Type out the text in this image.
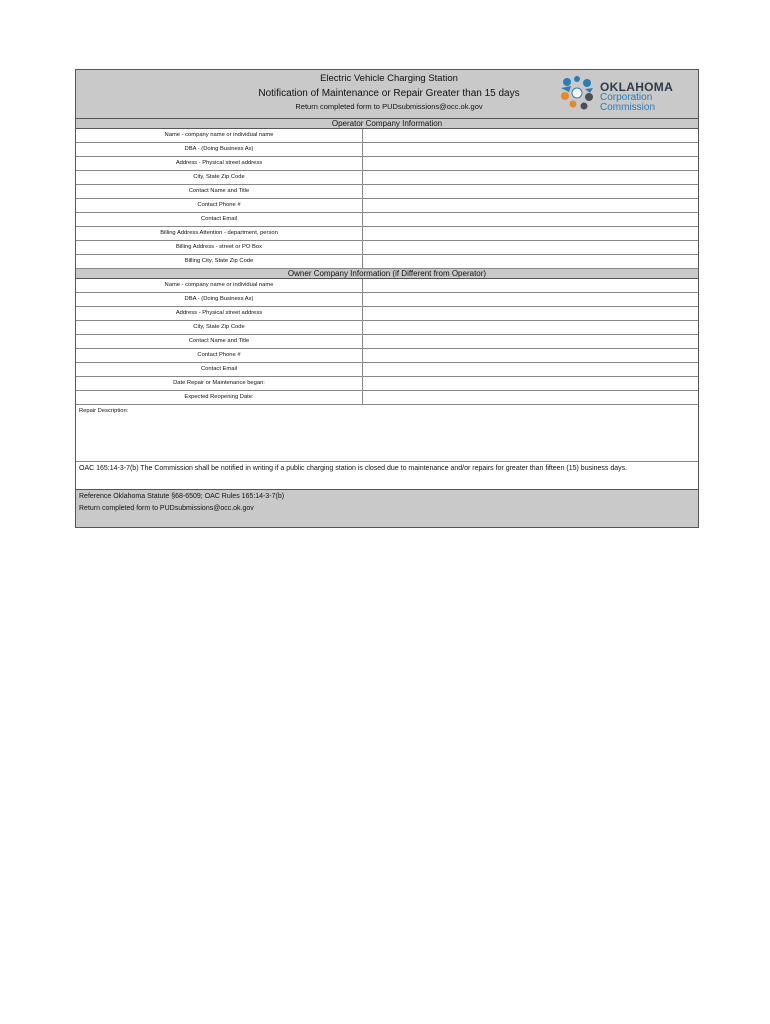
Electric Vehicle Charging Station
Notification of Maintenance or Repair Greater than 15 days
Return completed form to PUDsubmissions@occ.ok.gov
OKLAHOMA
Corporation
Commission
Operator Company Information
Name - company name or individual name
DBA - (Doing Business As)
Address - Physical street address
City, State Zip Code
Contact Name and Title
Contact Phone #
Contact Email
Billing Address Attention - department, person
Billing Address - street or PO Box
Billing City, State Zip Code
Owner Company Information (if Different from Operator)
Name - company name or individual name
DBA - (Doing Business As)
Address - Physical street address
City, State Zip Code
Contact Name and Title
Contact Phone #
Contact Email
Date Repair or Maintenance began:
Expected Reopening Date:
Repair Description:
OAC 165:14-3-7(b) The Commission shall be notified in writing if a public charging station is closed due to maintenance and/or repairs for greater than fifteen (15) business days.
Reference Oklahoma Statute §68-6509; OAC Rules 165:14-3-7(b)
Return completed form to PUDsubmissions@occ.ok.gov
